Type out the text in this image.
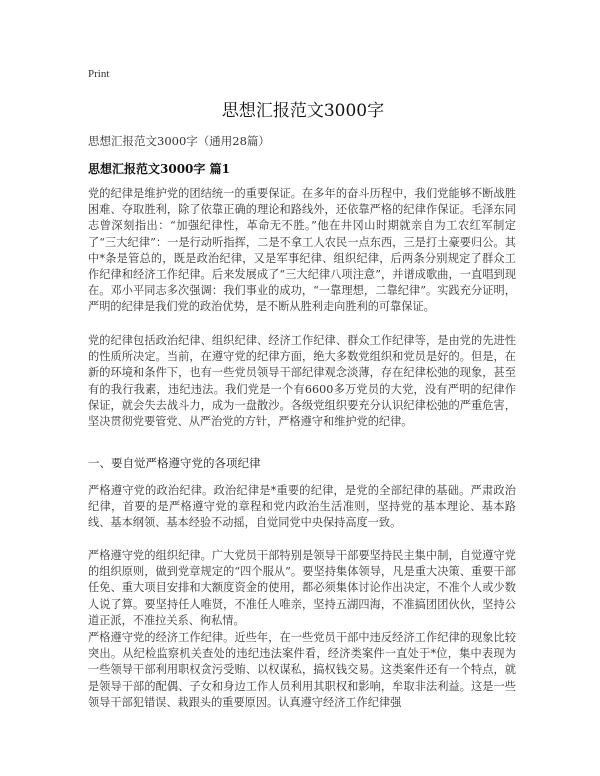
Print
思想汇报范文3000字
思想汇报范文3000字（通用28篇）
思想汇报范文3000字 篇1

党的纪律是维护党的团结统一的重要保证。在多年的奋斗历程中，我们党能够不断战胜困难、夺取胜利，除了依靠正确的理论和路线外，还依靠严格的纪律作保证。毛泽东同志曾深刻指出：“加强纪律性，革命无不胜。”他在井冈山时期就亲自为工农红军制定了“三大纪律”：一是行动听指挥，二是不拿工人农民一点东西，三是打土豪要归公。其中*条是管总的，既是政治纪律，又是军事纪律、组织纪律，后两条分别规定了群众工作纪律和经济工作纪律。后来发展成了“三大纪律八项注意”，并谱成歌曲，一直唱到现在。邓小平同志多次强调：我们事业的成功，“一靠理想，二靠纪律”。实践充分证明，严明的纪律是我们党的政治优势，是不断从胜利走向胜利的可靠保证。

党的纪律包括政治纪律、组织纪律、经济工作纪律、群众工作纪律等，是由党的先进性的性质所决定。当前，在遵守党的纪律方面，绝大多数党组织和党员是好的。但是，在新的环境和条件下，也有一些党员领导干部纪律观念淡薄，存在纪律松弛的现象，甚至有的我行我素，违纪违法。我们党是一个有6600多万党员的大党，没有严明的纪律作保证，就会失去战斗力，成为一盘散沙。各级党组织要充分认识纪律松弛的严重危害，坚决贯彻党要管党、从严治党的方针，严格遵守和维护党的纪律。

一、要自觉严格遵守党的各项纪律

严格遵守党的政治纪律。政治纪律是*重要的纪律，是党的全部纪律的基础。严肃政治纪律，首要的是严格遵守党的章程和党内政治生活准则，坚持党的基本理论、基本路线、基本纲领、基本经验不动摇，自觉同党中央保持高度一致。

严格遵守党的组织纪律。广大党员干部特别是领导干部要坚持民主集中制，自觉遵守党的组织原则，做到党章规定的“四个服从”。要坚持集体领导，凡是重大决策、重要干部任免、重大项目安排和大额度资金的使用，都必须集体讨论作出决定，不准个人或少数人说了算。要坚持任人唯贤，不准任人唯亲，坚持五湖四海，不准搞团团伙伙，坚持公道正派，不准拉关系、徇私情。

严格遵守党的经济工作纪律。近些年，在一些党员干部中违反经济工作纪律的现象比较突出。从纪检监察机关查处的违纪违法案件看，经济类案件一直处于*位，集中表现为一些领导干部利用职权贪污受贿、以权谋私，搞权钱交易。这类案件还有一个特点，就是领导干部的配偶、子女和身边工作人员利用其职权和影响，牟取非法利益。这是一些领导干部犯错误、栽跟头的重要原因。认真遵守经济工作纪律强
